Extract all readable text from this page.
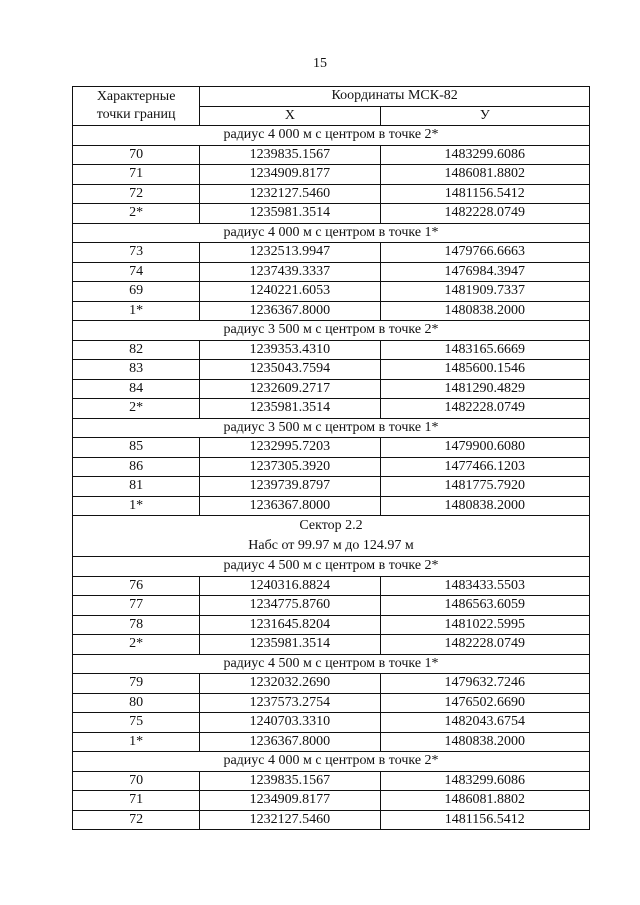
15
Характерные
точки границ	Координаты МСК-82	
	X	У
радиус 4 000 м с центром в точке 2*		
70	1239835.1567	1483299.6086
71	1234909.8177	1486081.8802
72	1232127.5460	1481156.5412
2*	1235981.3514	1482228.0749
радиус 4 000 м с центром в точке 1*		
73	1232513.9947	1479766.6663
74	1237439.3337	1476984.3947
69	1240221.6053	1481909.7337
1*	1236367.8000	1480838.2000
радиус 3 500 м с центром в точке 2*		
82	1239353.4310	1483165.6669
83	1235043.7594	1485600.1546
84	1232609.2717	1481290.4829
2*	1235981.3514	1482228.0749
радиус 3 500 м с центром в точке 1*		
85	1232995.7203	1479900.6080
86	1237305.3920	1477466.1203
81	1239739.8797	1481775.7920
1*	1236367.8000	1480838.2000

Сектор 2.2
Набс от 99.97 м до 124.97 м		

радиус 4 500 м с центром в точке 2*		
76	1240316.8824	1483433.5503
77	1234775.8760	1486563.6059
78	1231645.8204	1481022.5995
2*	1235981.3514	1482228.0749
радиус 4 500 м с центром в точке 1*		
79	1232032.2690	1479632.7246
80	1237573.2754	1476502.6690
75	1240703.3310	1482043.6754
1*	1236367.8000	1480838.2000
радиус 4 000 м с центром в точке 2*		
70	1239835.1567	1483299.6086
71	1234909.8177	1486081.8802
72	1232127.5460	1481156.5412
